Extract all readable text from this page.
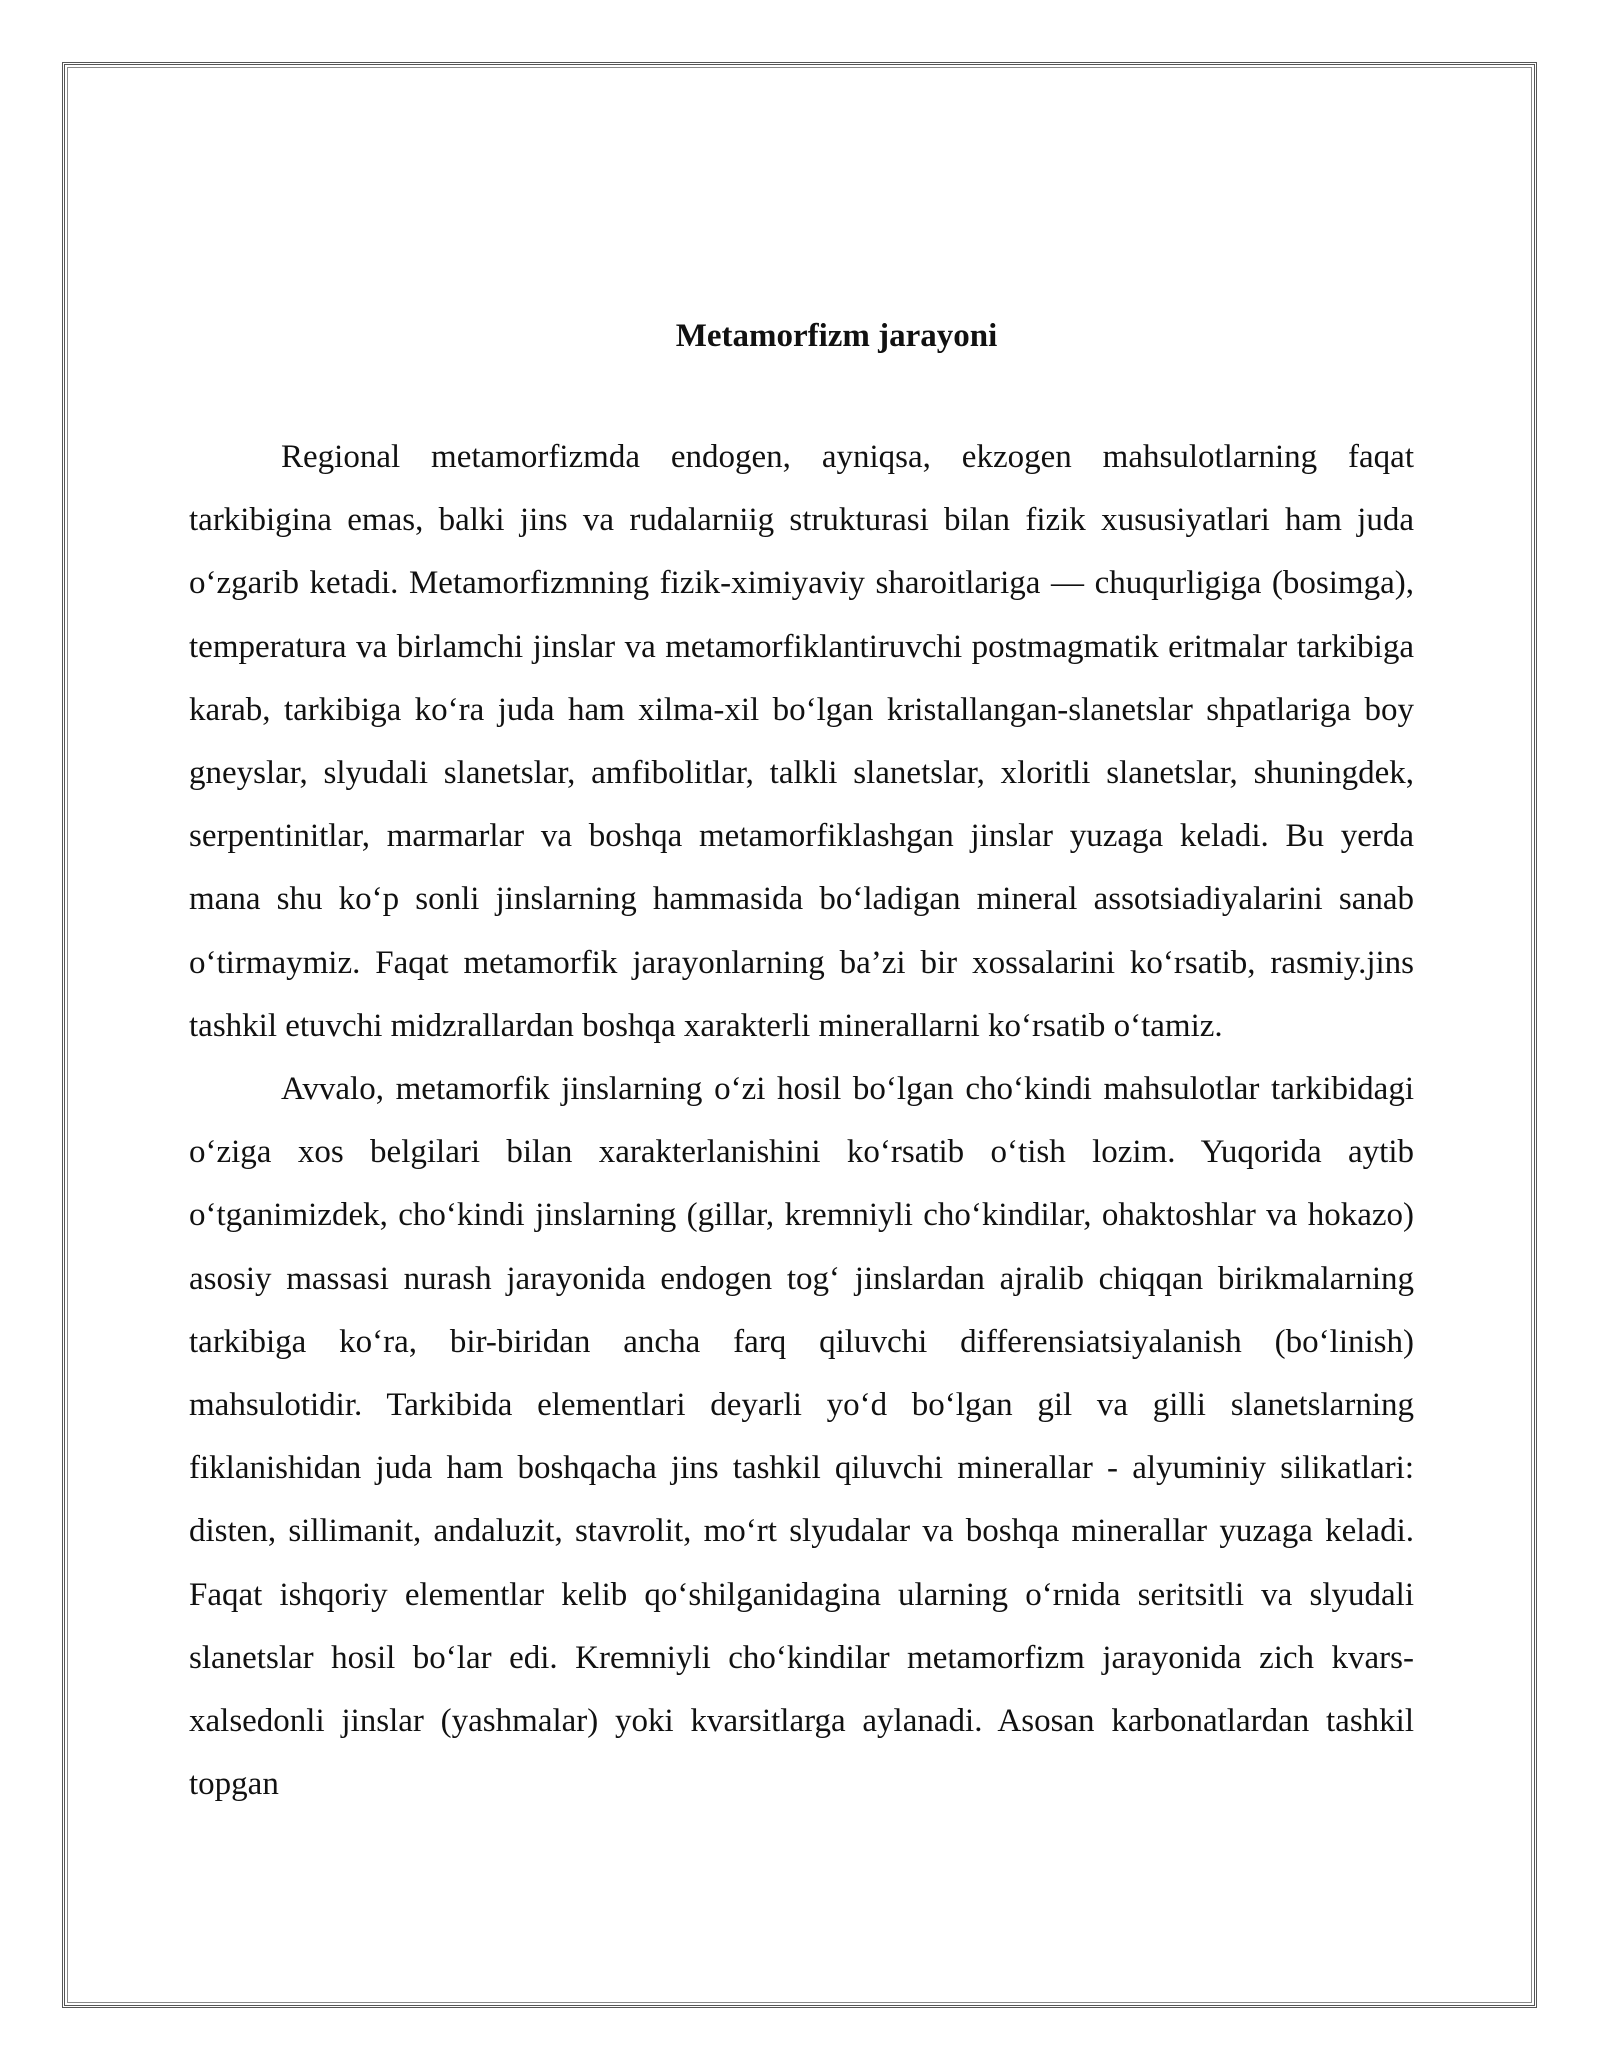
Metamorfizm jarayoni

Regional metamorfizmda endogen, ayniqsa, ekzogen mahsulotlarning faqat tarkibigina emas, balki jins va rudalarniig strukturasi bilan fizik xususiyatlari ham juda o‘zgarib ketadi. Metamorfizmning fizik-ximiyaviy sharoitlariga — chuqurligiga (bosimga), temperatura va birlamchi jinslar va metamorfiklantiruvchi postmagmatik eritmalar tarkibiga karab, tarkibiga ko‘ra juda ham xilma-xil bo‘lgan kristallangan-slanetslar shpatlariga boy gneyslar, slyudali slanetslar, amfibolitlar, talkli slanetslar, xloritli slanetslar, shuningdek, serpentinitlar, marmarlar va boshqa metamorfiklashgan jinslar yuzaga keladi. Bu yerda mana shu ko‘p sonli jinslarning hammasida bo‘ladigan mineral assotsiadiyalarini sanab o‘tirmaymiz. Faqat metamorfik jarayonlarning ba’zi bir xossalarini ko‘rsatib, rasmiy.jins tashkil etuvchi midzrallardan boshqa xarakterli minerallarni ko‘rsatib o‘tamiz.

Avvalo, metamorfik jinslarning o‘zi hosil bo‘lgan cho‘kindi mahsulotlar tarkibidagi o‘ziga xos belgilari bilan xarakterlanishini ko‘rsatib o‘tish lozim. Yuqorida aytib o‘tganimizdek, cho‘kindi jinslarning (gillar, kremniyli cho‘kindilar, ohaktoshlar va hokazo) asosiy massasi nurash jarayonida endogen tog‘ jinslardan ajralib chiqqan birikmalarning tarkibiga ko‘ra, bir-biridan ancha farq qiluvchi differensiatsiyalanish (bo‘linish) mahsulotidir. Tarkibida elementlari deyarli yo‘d bo‘lgan gil va gilli slanetslarning fiklanishidan juda ham boshqacha jins tashkil qiluvchi minerallar - alyuminiy silikatlari: disten, sillimanit, andaluzit, stavrolit, mo‘rt slyudalar va boshqa minerallar yuzaga keladi. Faqat ishqoriy elementlar kelib qo‘shilganidagina ularning o‘rnida seritsitli va slyudali slanetslar hosil bo‘lar edi. Kremniyli cho‘kindilar metamorfizm jarayonida zich kvars-xalsedonli jinslar (yashmalar) yoki kvarsitlarga aylanadi. Asosan karbonatlardan tashkil topgan
